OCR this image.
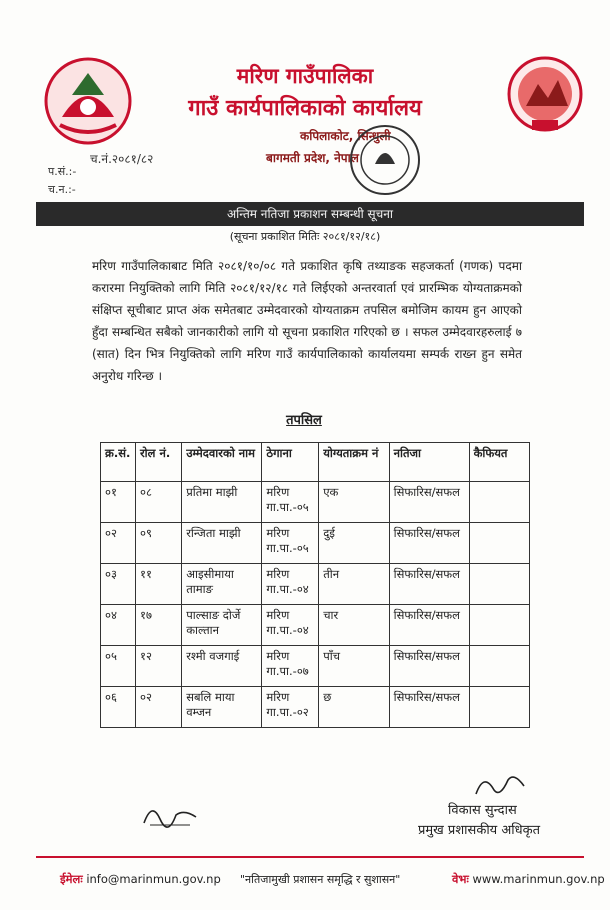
मरिण गाउँपालिका
गाउँ कार्यपालिकाको कार्यालय
कपिलाकोट, सिन्धुली
बागमती प्रदेश, नेपाल
च.नं.२०८१/८२
प.सं.:-
च.न.:-
अन्तिम नतिजा प्रकाशन सम्बन्धी सूचना
(सूचना प्रकाशित मितिः २०८१/१२/१८)
मरिण गाउँपालिकाबाट मिति २०८१/१०/०८ गते प्रकाशित कृषि तथ्याङक सहजकर्ता (गणक) पदमा करारमा नियुक्तिको लागि मिति २०८१/१२/१८ गते लिईएको अन्तरवार्ता एवं प्रारम्भिक योग्यताक्रमको संक्षिप्त सूचीबाट प्राप्त अंक समेतबाट उम्मेदवारको योग्यताक्रम तपसिल बमोजिम कायम हुन आएको हुँदा सम्बन्धित सबैको जानकारीको लागि यो सूचना प्रकाशित गरिएको छ । सफल उम्मेदवारहरुलाई ७ (सात) दिन भित्र नियुक्तिको लागि मरिण गाउँ कार्यपालिकाको कार्यालयमा सम्पर्क राख्न हुन समेत अनुरोध गरिन्छ ।
तपसिल
क्र.सं.	रोल नं.	उम्मेदवारको नाम	ठेगाना	योग्यताक्रम नं	नतिजा	कैफियत
०१	०८	प्रतिमा माझी	मरिण गा.पा.-०५	एक	सिफारिस/सफल	
०२	०९	रन्जिता माझी	मरिण गा.पा.-०५	दुई	सिफारिस/सफल	
०३	११	आइसीमाया तामाङ	मरिण गा.पा.-०४	तीन	सिफारिस/सफल	
०४	१७	पाल्साङ दोर्जे काल्तान	मरिण गा.पा.-०४	चार	सिफारिस/सफल	
०५	१२	रश्मी वजगाई	मरिण गा.पा.-०७	पाँच	सिफारिस/सफल	
०६	०२	सबलि माया वम्जन	मरिण गा.पा.-०२	छ	सिफारिस/सफल	
विकास सुन्दास
प्रमुख प्रशासकीय अधिकृत
ईमेलः info@marinmun.gov.np "नतिजामुखी प्रशासन समृद्धि र सुशासन"	वेभः www.marinmun.gov.np
